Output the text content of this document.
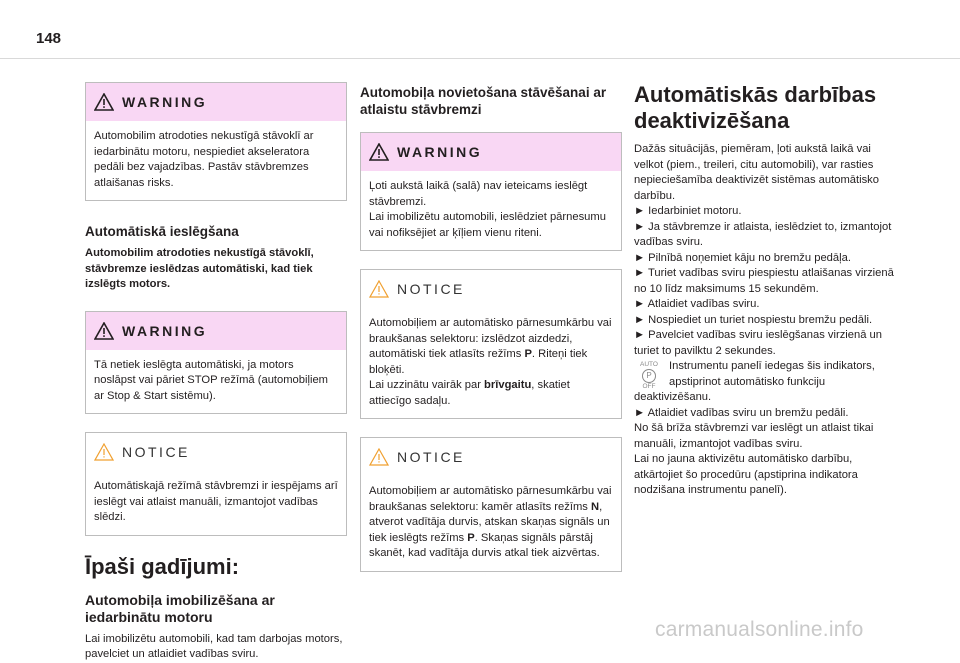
148
WARNING

Automobilim atrodoties nekustīgā stāvoklī ar iedarbinātu motoru, nespiediet akseleratora pedāli bez vajadzības. Pastāv stāvbremzes atlaišanas risks.

Automātiskā ieslēgšana

Automobilim atrodoties nekustīgā stāvoklī, stāvbremze ieslēdzas automātiski, kad tiek izslēgts motors.

WARNING

Tā netiek ieslēgta automātiski, ja motors noslāpst vai pāriet STOP režīmā (automobiļiem ar Stop & Start sistēmu).

NOTICE

Automātiskajā režīmā stāvbremzi ir iespējams arī ieslēgt vai atlaist manuāli, izmantojot vadības slēdzi.

Īpaši gadījumi:
Automobiļa imobilizēšana ar iedarbinātu motoru

Lai imobilizētu automobili, kad tam darbojas motors, pavelciet un atlaidiet vadības sviru.

Automobiļa novietošana stāvēšanai ar atlaistu stāvbremzi
WARNING

Ļoti aukstā laikā (salā) nav ieteicams ieslēgt stāvbremzi.

Lai imobilizētu automobili, ieslēdziet pārnesumu vai nofiksējiet ar ķīļiem vienu riteni.

NOTICE

Automobiļiem ar automātisko pārnesumkārbu vai braukšanas selektoru: izslēdzot aizdedzi, automātiski tiek atlasīts režīms P. Riteņi tiek bloķēti.

Lai uzzinātu vairāk par brīvgaitu, skatiet attiecīgo sadaļu.

NOTICE

Automobiļiem ar automātisko pārnesumkārbu vai braukšanas selektoru: kamēr atlasīts režīms N, atverot vadītāja durvis, atskan skaņas signāls un tiek ieslēgts režīms P. Skaņas signāls pārstāj skanēt, kad vadītāja durvis atkal tiek aizvērtas.

Automātiskās darbības
deaktivizēšana

Dažās situācijās, piemēram, ļoti aukstā laikā vai velkot (piem., treileri, citu automobili), var rasties nepieciešamība deaktivizēt sistēmas automātisko darbību.

► Iedarbiniet motoru.

► Ja stāvbremze ir atlaista, ieslēdziet to, izmantojot vadības sviru.

► Pilnībā noņemiet kāju no bremžu pedāļa.

► Turiet vadības sviru piespiestu atlaišanas virzienā no 10 līdz maksimums 15 sekundēm.

► Atlaidiet vadības sviru.

► Nospiediet un turiet nospiestu bremžu pedāli.

► Pavelciet vadības sviru ieslēgšanas virzienā un turiet to pavilktu 2 sekundes.

AUTO
P
OFF
Instrumentu panelī iedegas šis indikators,
apstiprinot automātisko funkciju
deaktivizēšanu.

► Atlaidiet vadības sviru un bremžu pedāli.

No šā brīža stāvbremzi var ieslēgt un atlaist tikai manuāli, izmantojot vadības sviru.

Lai no jauna aktivizētu automātisko darbību, atkārtojiet šo procedūru (apstiprina indikatora nodzišana instrumentu panelī).

carmanualsonline.info
